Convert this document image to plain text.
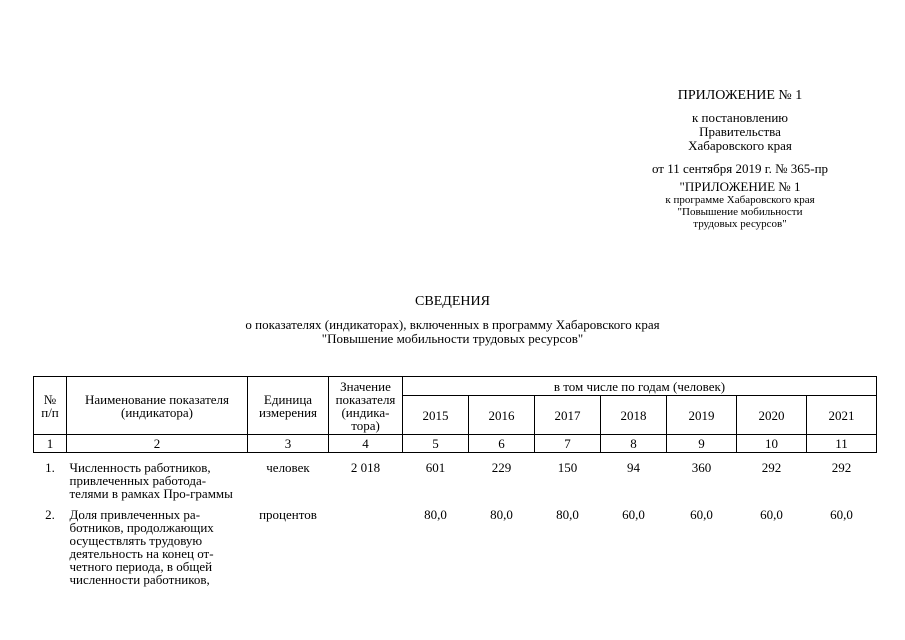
ПРИЛОЖЕНИЕ № 1
к постановлению
Правительства
Хабаровского края
от 11 сентября 2019 г. № 365-пр
"ПРИЛОЖЕНИЕ № 1
к программе Хабаровского края
"Повышение мобильности
трудовых ресурсов"
СВЕДЕНИЯ
о показателях (индикаторах), включенных в программу Хабаровского края
"Повышение мобильности трудовых ресурсов"
№ п/п	Наименование показателя (индикатора)	Единица измерения	Значение показателя (индика-тора)	в том числе по годам (человек)						
				2015	2016	2017	2018	2019	2020	2021
1	2	3	4	5	6	7	8	9	10	11

1.	Численность работников, привлеченных работода-телями в рамках Про-граммы	человек	2 018	601	229	150	94	360	292	292
2.	Доля привлеченных ра-ботников, продолжающих осуществлять трудовую деятельность на конец от-четного периода, в общей численности работников,	процентов		80,0	80,0	80,0	60,0	60,0	60,0	60,0
